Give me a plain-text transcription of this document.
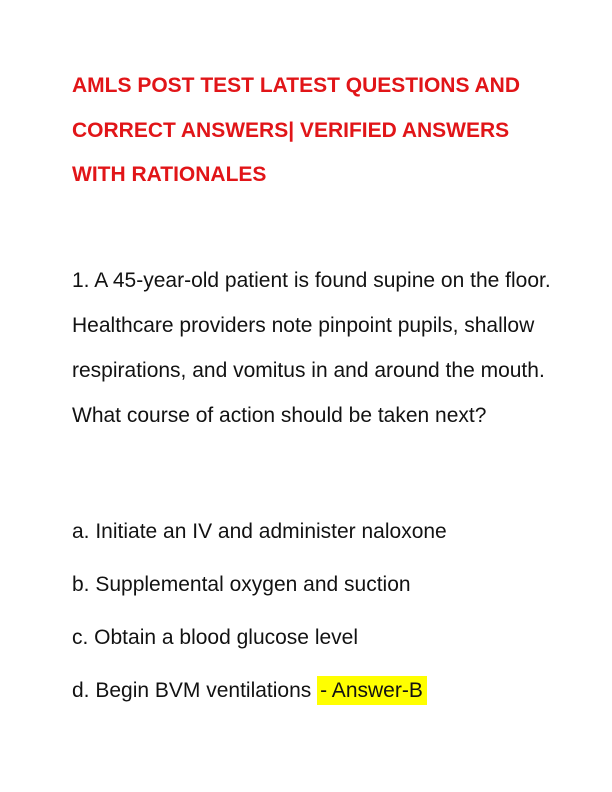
AMLS POST TEST LATEST QUESTIONS AND
CORRECT ANSWERS| VERIFIED ANSWERS
WITH RATIONALES
1. A 45-year-old patient is found supine on the floor.
Healthcare providers note pinpoint pupils, shallow
respirations, and vomitus in and around the mouth.
What course of action should be taken next?
a. Initiate an IV and administer naloxone
b. Supplemental oxygen and suction
c. Obtain a blood glucose level
d. Begin BVM ventilations - Answer-B
